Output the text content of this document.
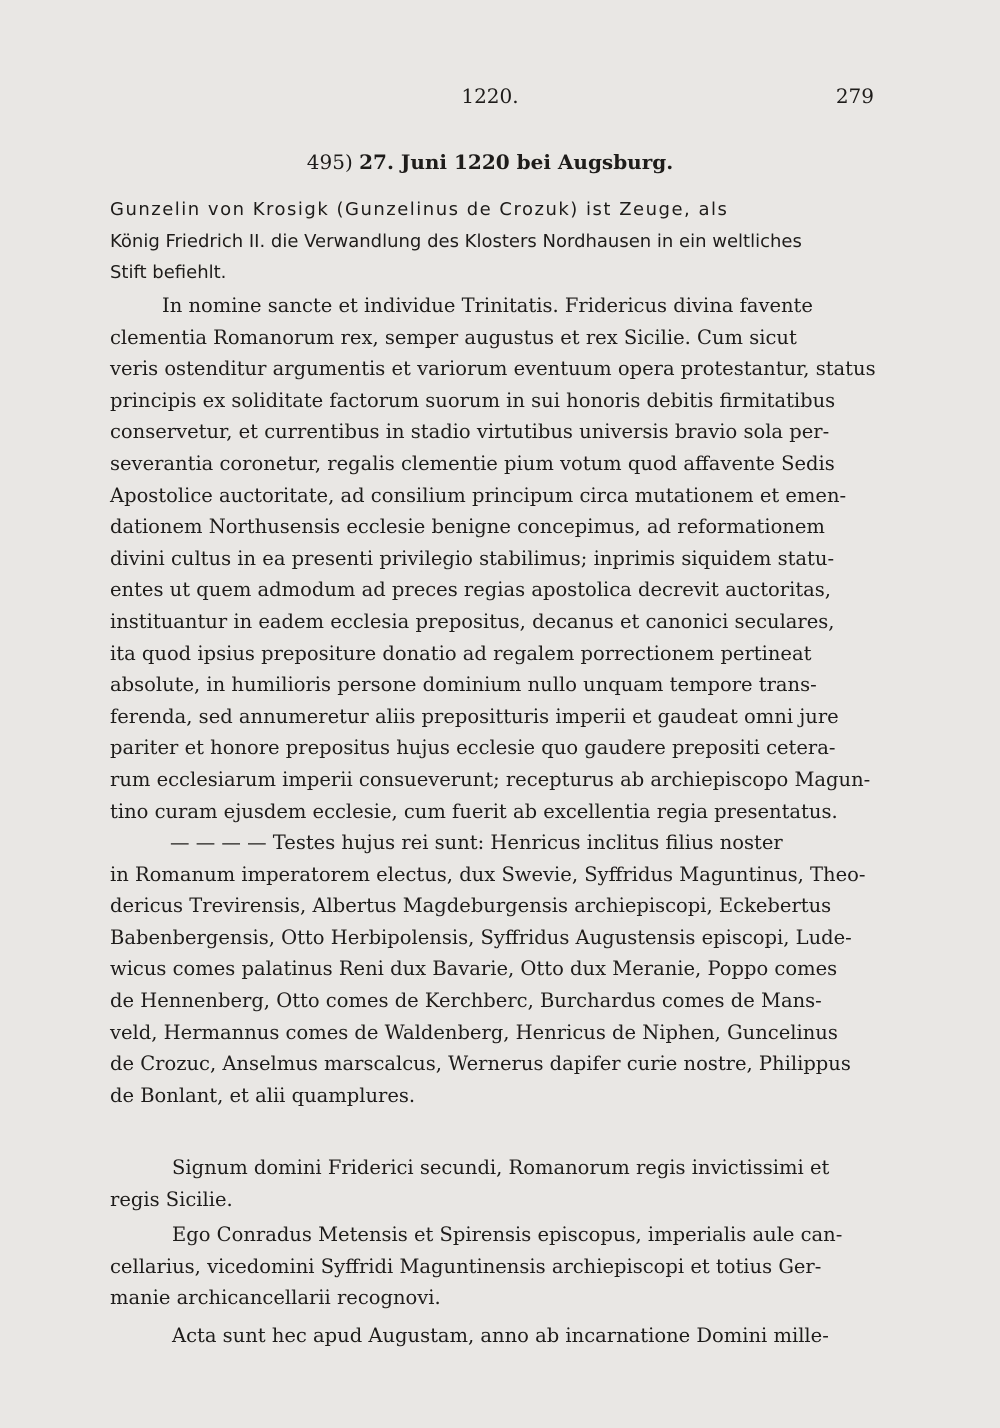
1220.	279
495) 27. Juni 1220 bei Augsburg.
Gunzelin von Krosigk (Gunzelinus de Crozuk) ist Zeuge, als
König Friedrich II. die Verwandlung des Klosters Nordhausen in ein weltliches
Stift befiehlt.
In nomine sancte et individue Trinitatis. Fridericus divina favente
clementia Romanorum rex, semper augustus et rex Sicilie. Cum sicut
veris ostenditur argumentis et variorum eventuum opera protestantur, status
principis ex soliditate factorum suorum in sui honoris debitis firmitatibus
conservetur, et currentibus in stadio virtutibus universis bravio sola per-
severantia coronetur, regalis clementie pium votum quod affavente Sedis
Apostolice auctoritate, ad consilium principum circa mutationem et emen-
dationem Northusensis ecclesie benigne concepimus, ad reformationem
divini cultus in ea presenti privilegio stabilimus; inprimis siquidem statu-
entes ut quem admodum ad preces regias apostolica decrevit auctoritas,
instituantur in eadem ecclesia prepositus, decanus et canonici seculares,
ita quod ipsius prepositure donatio ad regalem porrectionem pertineat
absolute, in humilioris persone dominium nullo unquam tempore trans-
ferenda, sed annumeretur aliis prepositturis imperii et gaudeat omni jure
pariter et honore prepositus hujus ecclesie quo gaudere prepositi cetera-
rum ecclesiarum imperii consueverunt; recepturus ab archiepiscopo Magun-
tino curam ejusdem ecclesie, cum fuerit ab excellentia regia presentatus.
— — — — Testes hujus rei sunt: Henricus inclitus filius noster
in Romanum imperatorem electus, dux Swevie, Syffridus Maguntinus, Theo-
dericus Trevirensis, Albertus Magdeburgensis archiepiscopi, Eckebertus
Babenbergensis, Otto Herbipolensis, Syffridus Augustensis episcopi, Lude-
wicus comes palatinus Reni dux Bavarie, Otto dux Meranie, Poppo comes
de Hennenberg, Otto comes de Kerchberc, Burchardus comes de Mans-
veld, Hermannus comes de Waldenberg, Henricus de Niphen, Guncelinus
de Crozuc, Anselmus marscalcus, Wernerus dapifer curie nostre, Philippus
de Bonlant, et alii quamplures.
Signum domini Friderici secundi, Romanorum regis invictissimi et
regis Sicilie.
Ego Conradus Metensis et Spirensis episcopus, imperialis aule can-
cellarius, vicedomini Syffridi Maguntinensis archiepiscopi et totius Ger-
manie archicancellarii recognovi.
Acta sunt hec apud Augustam, anno ab incarnatione Domini mille-
